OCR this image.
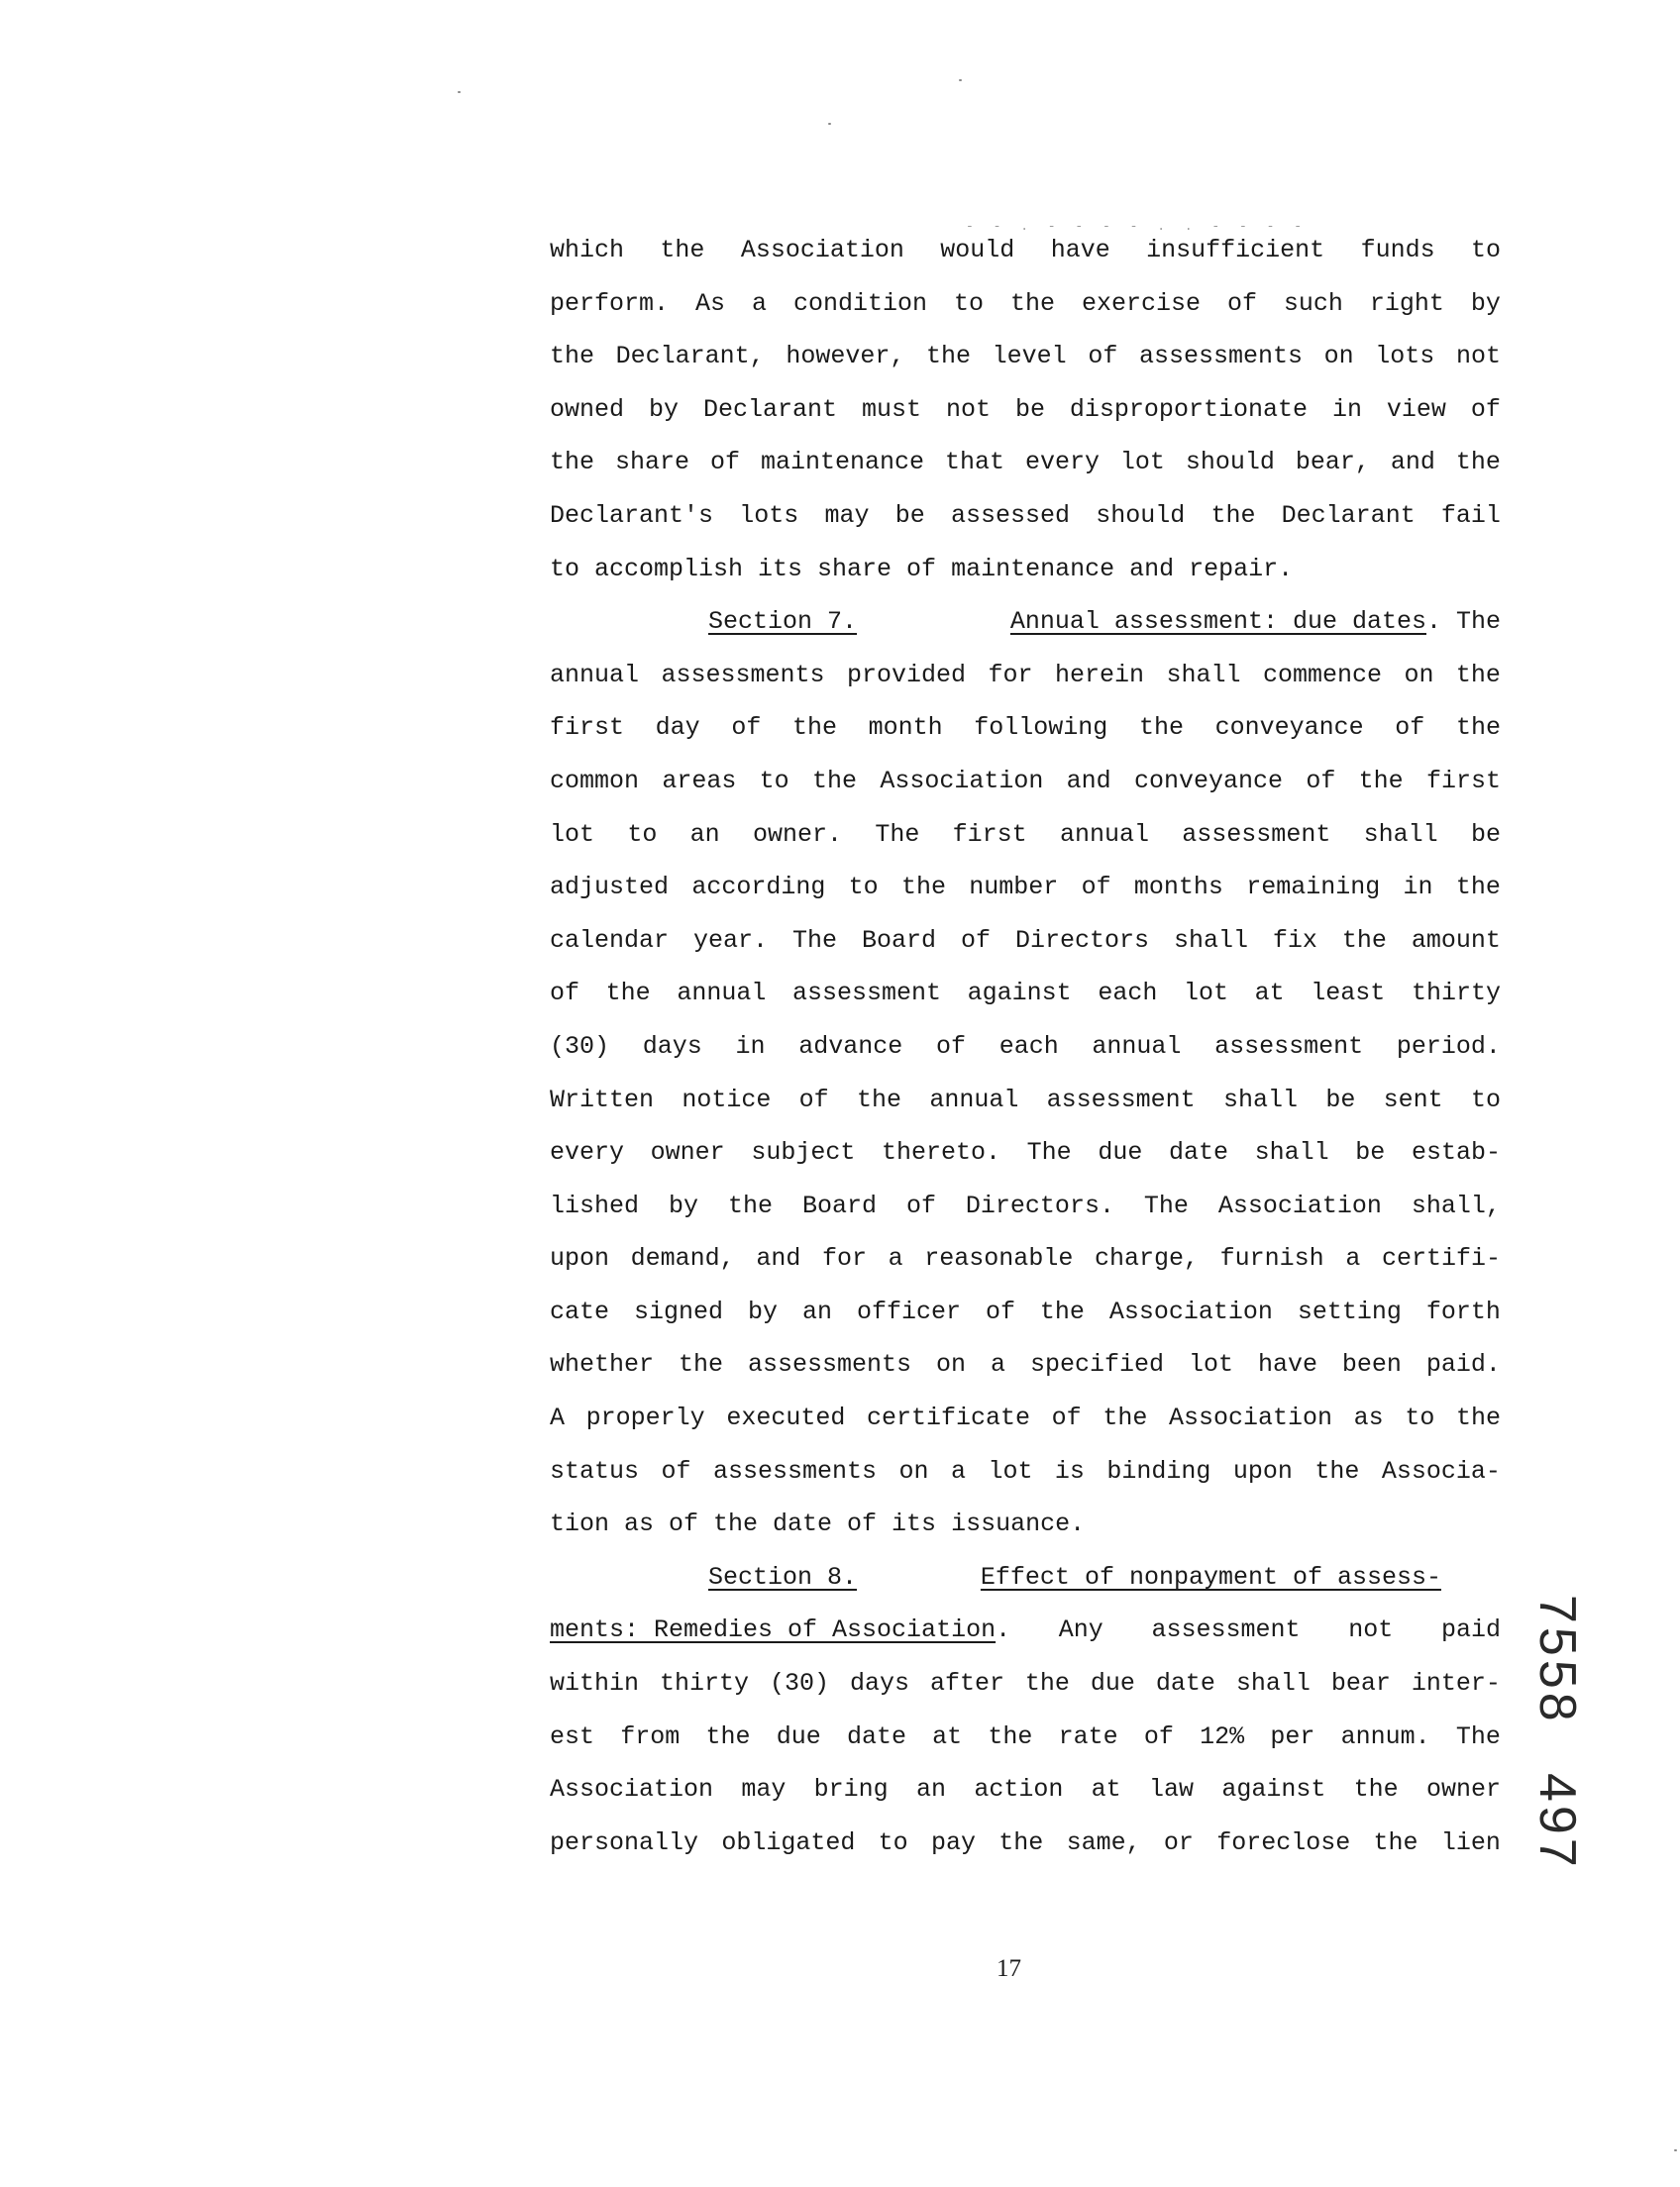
- - . - - - - . . - - - -
which the Association would have insufficient funds to
perform. As a condition to the exercise of such right by
the Declarant, however, the level of assessments on lots not
owned by Declarant must not be disproportionate in view of
the share of maintenance that every lot should bear, and the
Declarant's lots may be assessed should the Declarant fail
to accomplish its share of maintenance and repair.
Section 7.	Annual assessment: due dates. The
annual assessments provided for herein shall commence on the
first day of the month following the conveyance of the
common areas to the Association and conveyance of the first
lot to an owner. The first annual assessment shall be
adjusted according to the number of months remaining in the
calendar year. The Board of Directors shall fix the amount
of the annual assessment against each lot at least thirty
(30) days in advance of each annual assessment period.
Written notice of the annual assessment shall be sent to
every owner subject thereto. The due date shall be estab-
lished by the Board of Directors. The Association shall,
upon demand, and for a reasonable charge, furnish a certifi-
cate signed by an officer of the Association setting forth
whether the assessments on a specified lot have been paid.
A properly executed certificate of the Association as to the
status of assessments on a lot is binding upon the Associa-
tion as of the date of its issuance.
Section 8.	Effect of nonpayment of assess-
ments: Remedies of Association. Any assessment not paid
within thirty (30) days after the due date shall bear inter-
est from the due date at the rate of 12% per annum. The
Association may bring an action at law against the owner
personally obligated to pay the same, or foreclose the lien
17
7558
497
